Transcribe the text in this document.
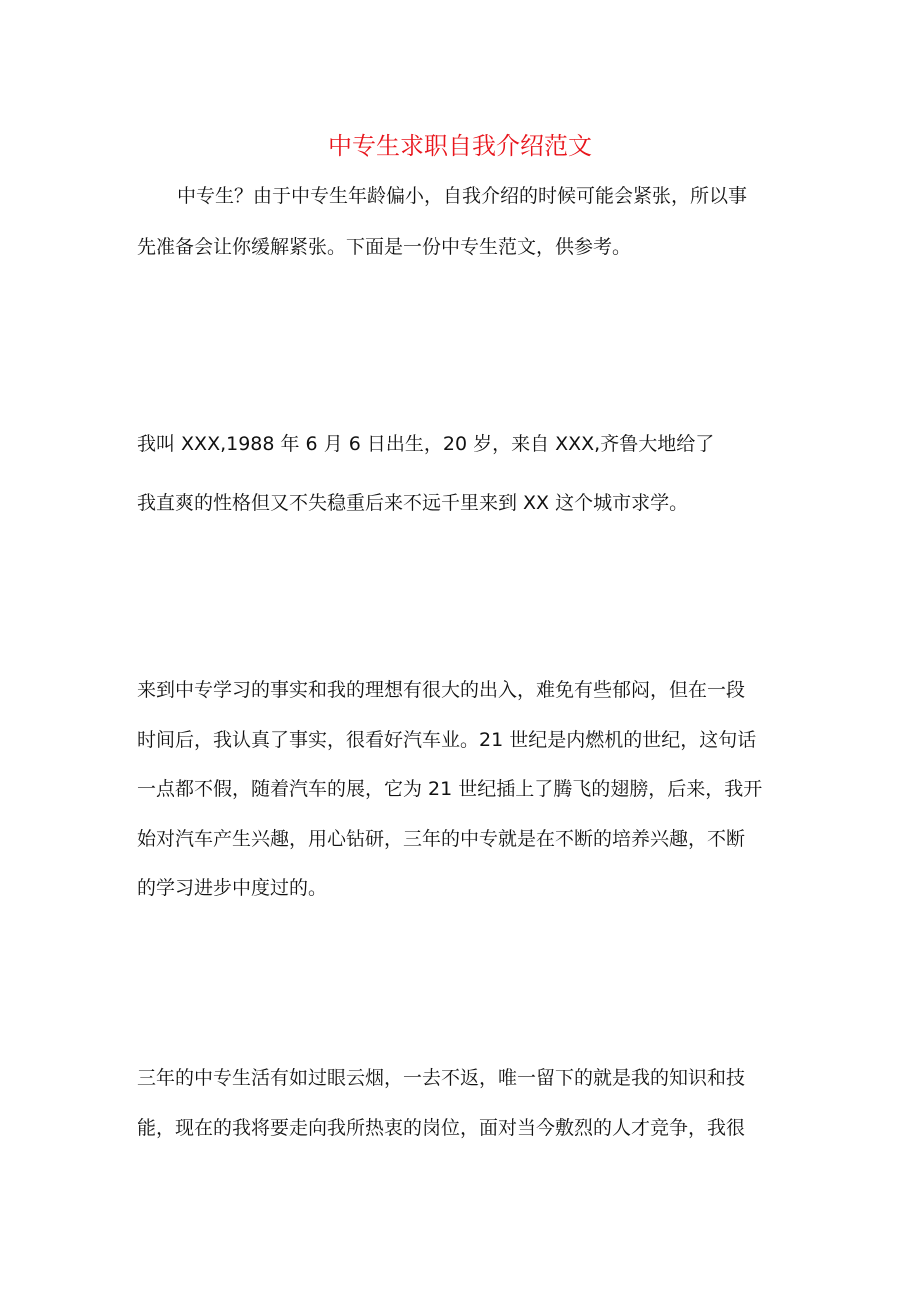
中专生求职自我介绍范文

中专生？由于中专生年龄偏小，自我介绍的时候可能会紧张，所以事

先准备会让你缓解紧张。下面是一份中专生范文，供参考。

我叫 XXX,1988 年 6 月 6 日出生，20 岁，来自 XXX,齐鲁大地给了

我直爽的性格但又不失稳重后来不远千里来到 XX 这个城市求学。

来到中专学习的事实和我的理想有很大的出入，难免有些郁闷，但在一段

时间后，我认真了事实，很看好汽车业。21 世纪是内燃机的世纪，这句话

一点都不假，随着汽车的展，它为 21 世纪插上了腾飞的翅膀，后来，我开

始对汽车产生兴趣，用心钻研，三年的中专就是在不断的培养兴趣，不断

的学习进步中度过的。

三年的中专生活有如过眼云烟，一去不返，唯一留下的就是我的知识和技

能，现在的我将要走向我所热衷的岗位，面对当今敷烈的人才竞争，我很
